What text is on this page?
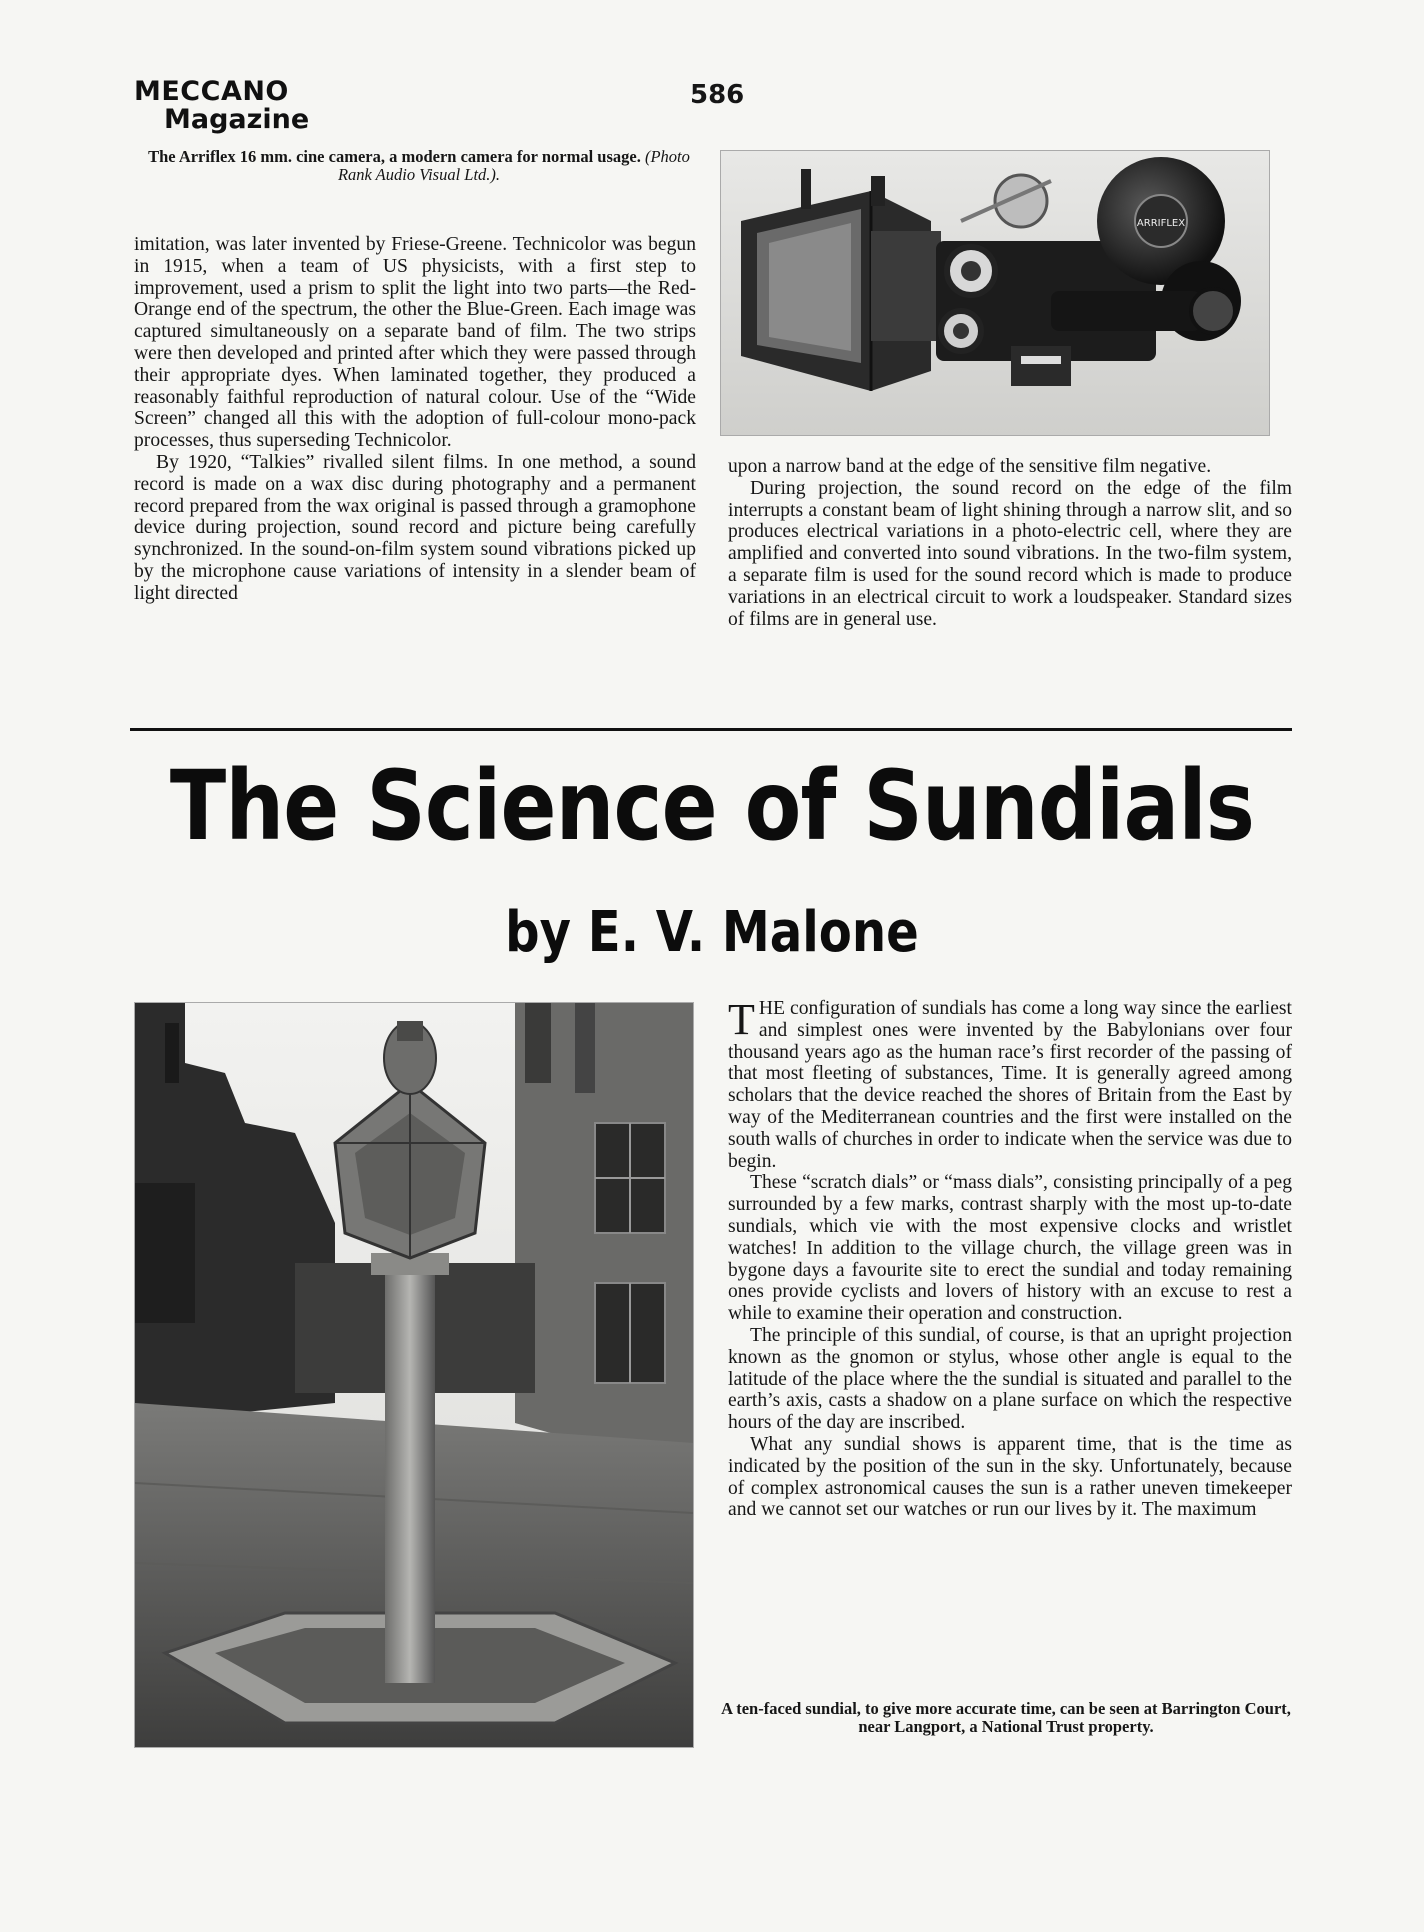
MECCANO
Magazine
586
The Arriflex 16 mm. cine camera, a modern camera for normal usage. (Photo Rank Audio Visual Ltd.).
ARRIFLEX

imitation, was later invented by Friese-Greene. Technicolor was begun in 1915, when a team of US physicists, with a first step to improvement, used a prism to split the light into two parts—the Red-Orange end of the spectrum, the other the Blue-Green. Each image was captured simultaneously on a separate band of film. The two strips were then developed and printed after which they were passed through their appropriate dyes. When laminated together, they produced a reasonably faithful reproduction of natural colour. Use of the “Wide Screen” changed all this with the adoption of full-colour mono-pack processes, thus superseding Technicolor.

By 1920, “Talkies” rivalled silent films. In one method, a sound record is made on a wax disc during photography and a permanent record prepared from the wax original is passed through a gramophone device during projection, sound record and picture being carefully synchronized. In the sound-on-film system sound vibrations picked up by the microphone cause variations of intensity in a slender beam of light directed

upon a narrow band at the edge of the sensitive film negative.

During projection, the sound record on the edge of the film interrupts a constant beam of light shining through a narrow slit, and so produces electrical variations in a photo-electric cell, where they are amplified and converted into sound vibrations. In the two-film system, a separate film is used for the sound record which is made to produce variations in an electrical circuit to work a loudspeaker. Standard sizes of films are in general use.

The Science of Sundials
by E. V. Malone

THE configuration of sundials has come a long way since the earliest and simplest ones were invented by the Babylonians over four thousand years ago as the human race’s first recorder of the passing of that most fleeting of substances, Time. It is generally agreed among scholars that the device reached the shores of Britain from the East by way of the Mediterranean countries and the first were installed on the south walls of churches in order to indicate when the service was due to begin.

These “scratch dials” or “mass dials”, consisting principally of a peg surrounded by a few marks, contrast sharply with the most up-to-date sundials, which vie with the most expensive clocks and wristlet watches! In addition to the village church, the village green was in bygone days a favourite site to erect the sundial and today remaining ones provide cyclists and lovers of history with an excuse to rest a while to examine their operation and construction.

The principle of this sundial, of course, is that an upright projection known as the gnomon or stylus, whose other angle is equal to the latitude of the place where the the sundial is situated and parallel to the earth’s axis, casts a shadow on a plane surface on which the respective hours of the day are inscribed.

What any sundial shows is apparent time, that is the time as indicated by the position of the sun in the sky. Unfortunately, because of complex astronomical causes the sun is a rather uneven timekeeper and we cannot set our watches or run our lives by it. The maximum

A ten-faced sundial, to give more accurate time, can be seen at Barrington Court, near Langport, a National Trust property.
